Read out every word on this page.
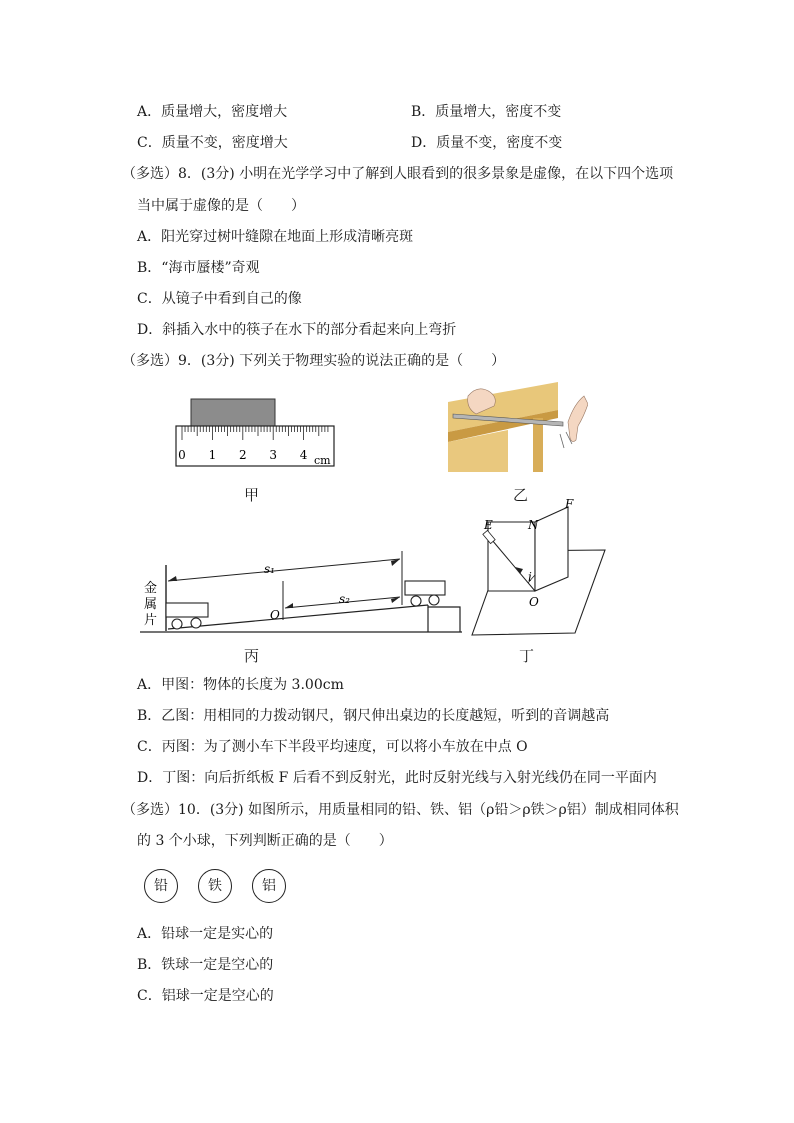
A．质量增大，密度增大	B．质量增大，密度不变
C．质量不变，密度增大	D．质量不变，密度不变
（多选）8．(3分) 小明在光学学习中了解到人眼看到的很多景象是虚像，在以下四个选项
当中属于虚像的是（　　）
A．阳光穿过树叶缝隙在地面上形成清晰亮斑
B．“海市蜃楼”奇观
C．从镜子中看到自己的像
D．斜插入水中的筷子在水下的部分看起来向上弯折
（多选）9．(3分) 下列关于物理实验的说法正确的是（　　）
0 1 2 3 4 cm
甲	乙
s₁
s₂
O
金
属
片
丙
E	N
F
i
O
丁
A．甲图：物体的长度为 3.00cm
B．乙图：用相同的力拨动钢尺，钢尺伸出桌边的长度越短，听到的音调越高
C．丙图：为了测小车下半段平均速度，可以将小车放在中点 O
D．丁图：向后折纸板 F 后看不到反射光，此时反射光线与入射光线仍在同一平面内
（多选）10．(3分) 如图所示，用质量相同的铅、铁、铝（ρ铅＞ρ铁＞ρ铝）制成相同体积
的 3 个小球，下列判断正确的是（　　）
铅	铁	铝
A．铅球一定是实心的
B．铁球一定是空心的
C．铝球一定是空心的
